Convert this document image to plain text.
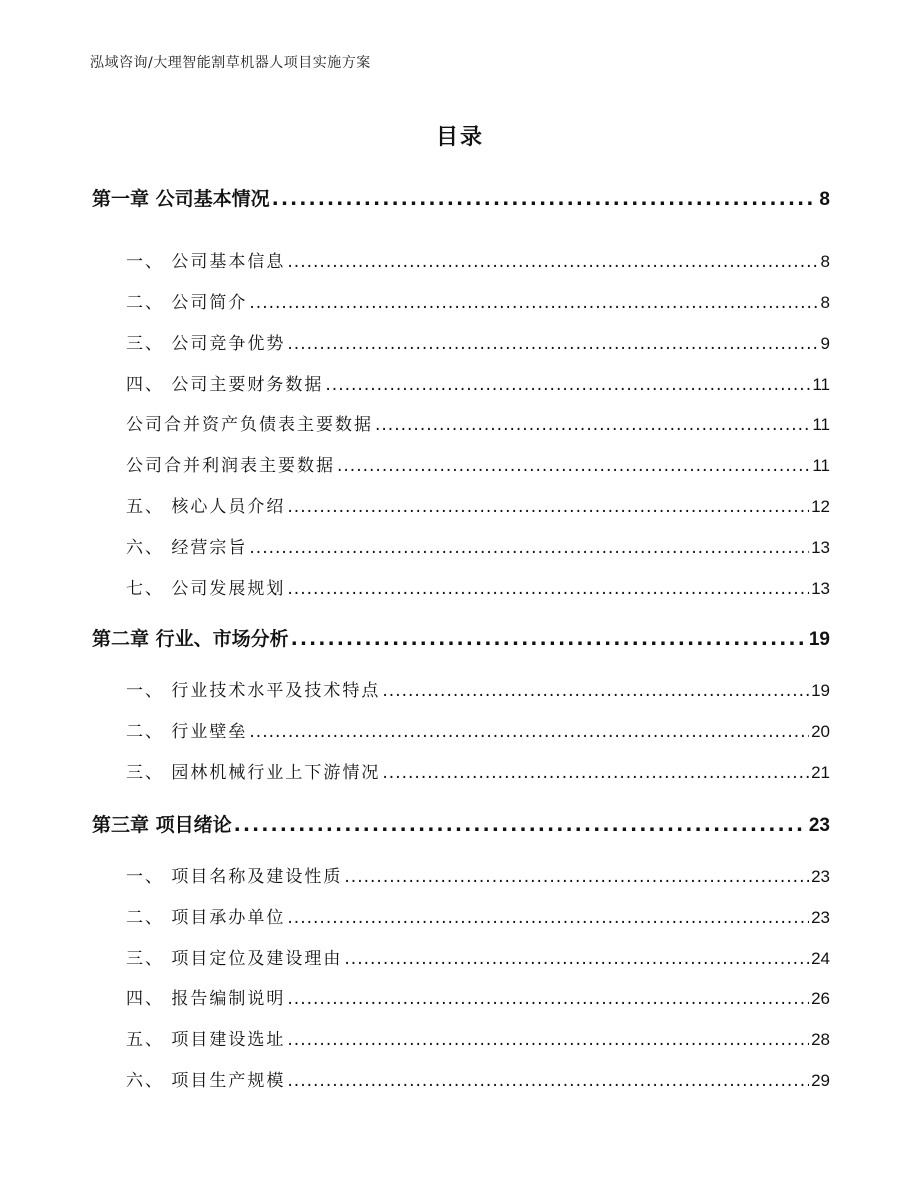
泓域咨询/大理智能割草机器人项目实施方案
目录
第一章 公司基本情况 .....	8
一、 公司基本信息 .....	8
二、 公司简介 .....	8
三、 公司竞争优势 .....	9
四、 公司主要财务数据 .....	11
公司合并资产负债表主要数据 .....	11
公司合并利润表主要数据 .....	11
五、 核心人员介绍 .....	12
六、 经营宗旨 .....	13
七、 公司发展规划 .....	13
第二章 行业、市场分析 .....	19
一、 行业技术水平及技术特点 .....	19
二、 行业壁垒 .....	20
三、 园林机械行业上下游情况 .....	21
第三章 项目绪论 .....	23
一、 项目名称及建设性质 .....	23
二、 项目承办单位 .....	23
三、 项目定位及建设理由 .....	24
四、 报告编制说明 .....	26
五、 项目建设选址 .....	28
六、 项目生产规模 .....	29
